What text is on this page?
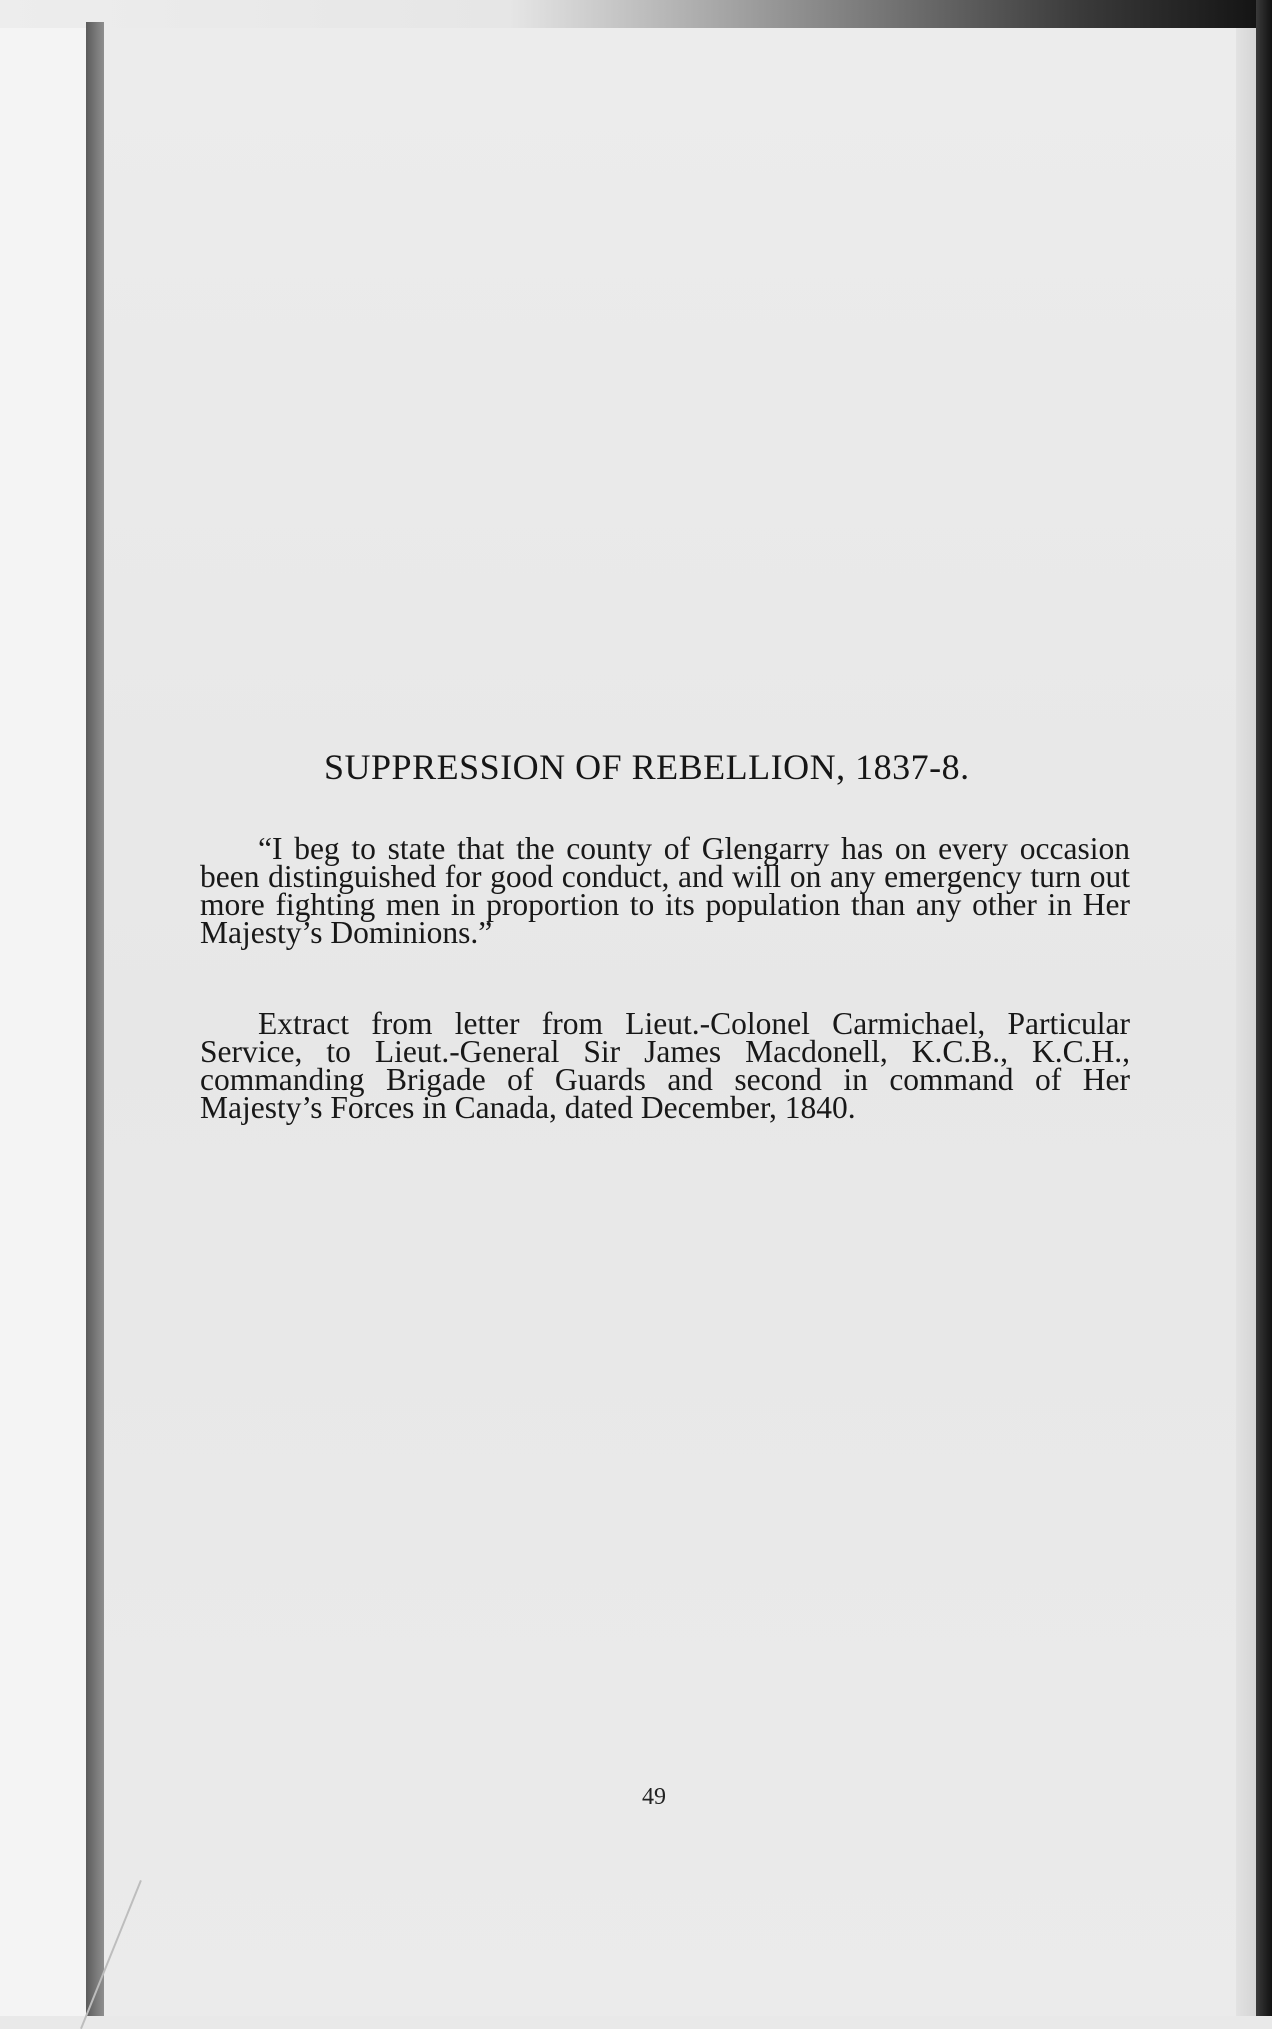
SUPPRESSION OF REBELLION, 1837-8.

“I beg to state that the county of Glengarry has on every occasion been distinguished for good conduct, and will on any emergency turn out more fighting men in proportion to its population than any other in Her Majesty’s Dominions.”

Extract from letter from Lieut.-Colonel Carmichael, Particular Service, to Lieut.-General Sir James Macdonell, K.C.B., K.C.H., commanding Brigade of Guards and second in command of Her Majesty’s Forces in Canada, dated December, 1840.

49
